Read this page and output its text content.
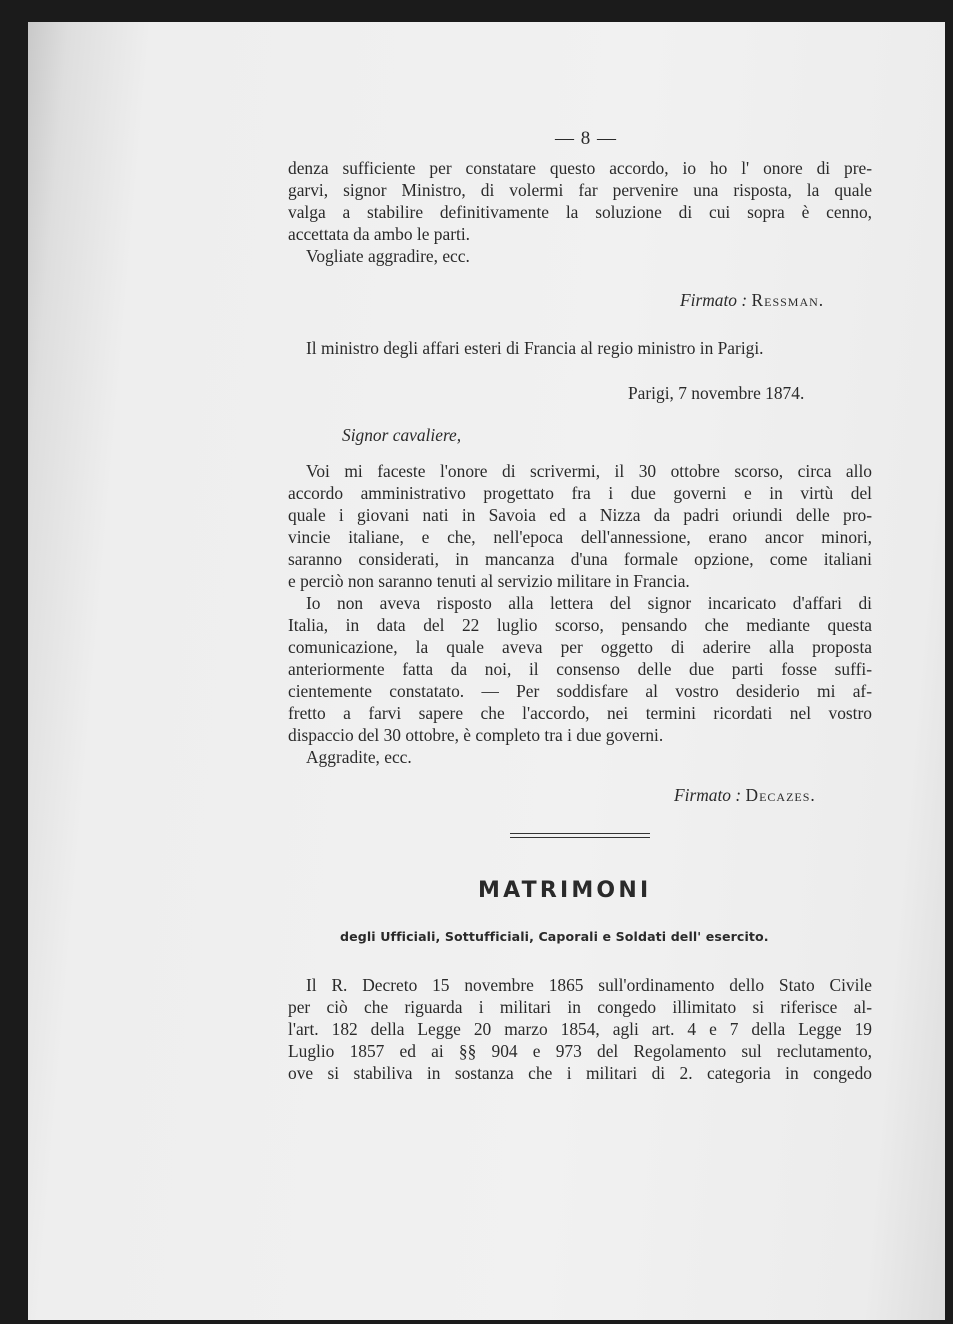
— 8 —
denza sufficiente per constatare questo accordo, io ho l' onore di pre-
garvi, signor Ministro, di volermi far pervenire una risposta, la quale
valga a stabilire definitivamente la soluzione di cui sopra è cenno,
accettata da ambo le parti.
Vogliate aggradire, ecc.
Firmato : Ressman.
Il ministro degli affari esteri di Francia al regio ministro in Parigi.
Parigi, 7 novembre 1874.
Signor cavaliere,
Voi mi faceste l'onore di scrivermi, il 30 ottobre scorso, circa allo
accordo amministrativo progettato fra i due governi e in virtù del
quale i giovani nati in Savoia ed a Nizza da padri oriundi delle pro-
vincie italiane, e che, nell'epoca dell'annessione, erano ancor minori,
saranno considerati, in mancanza d'una formale opzione, come italiani
e perciò non saranno tenuti al servizio militare in Francia.
Io non aveva risposto alla lettera del signor incaricato d'affari di
Italia, in data del 22 luglio scorso, pensando che mediante questa
comunicazione, la quale aveva per oggetto di aderire alla proposta
anteriormente fatta da noi, il consenso delle due parti fosse suffi-
cientemente constatato. — Per soddisfare al vostro desiderio mi af-
fretto a farvi sapere che l'accordo, nei termini ricordati nel vostro
dispaccio del 30 ottobre, è completo tra i due governi.
Aggradite, ecc.
Firmato : Decazes.
MATRIMONI
degli Ufficiali, Sottufficiali, Caporali e Soldati dell' esercito.
Il R. Decreto 15 novembre 1865 sull'ordinamento dello Stato Civile
per ciò che riguarda i militari in congedo illimitato si riferisce al-
l'art. 182 della Legge 20 marzo 1854, agli art. 4 e 7 della Legge 19
Luglio 1857 ed ai §§ 904 e 973 del Regolamento sul reclutamento,
ove si stabiliva in sostanza che i militari di 2. categoria in congedo
